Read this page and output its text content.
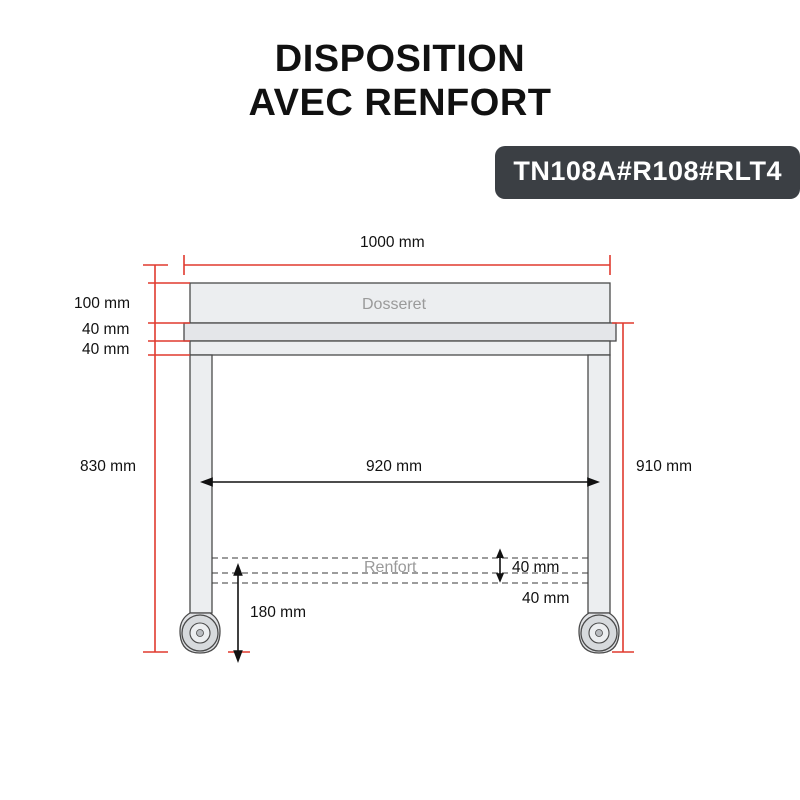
DISPOSITION
AVEC RENFORT
TN108A#R108#RLT4
Dosseret
Renfort
1000 mm
100 mm
40 mm
40 mm
830 mm	910 mm
920 mm
40 mm
40 mm
180 mm
